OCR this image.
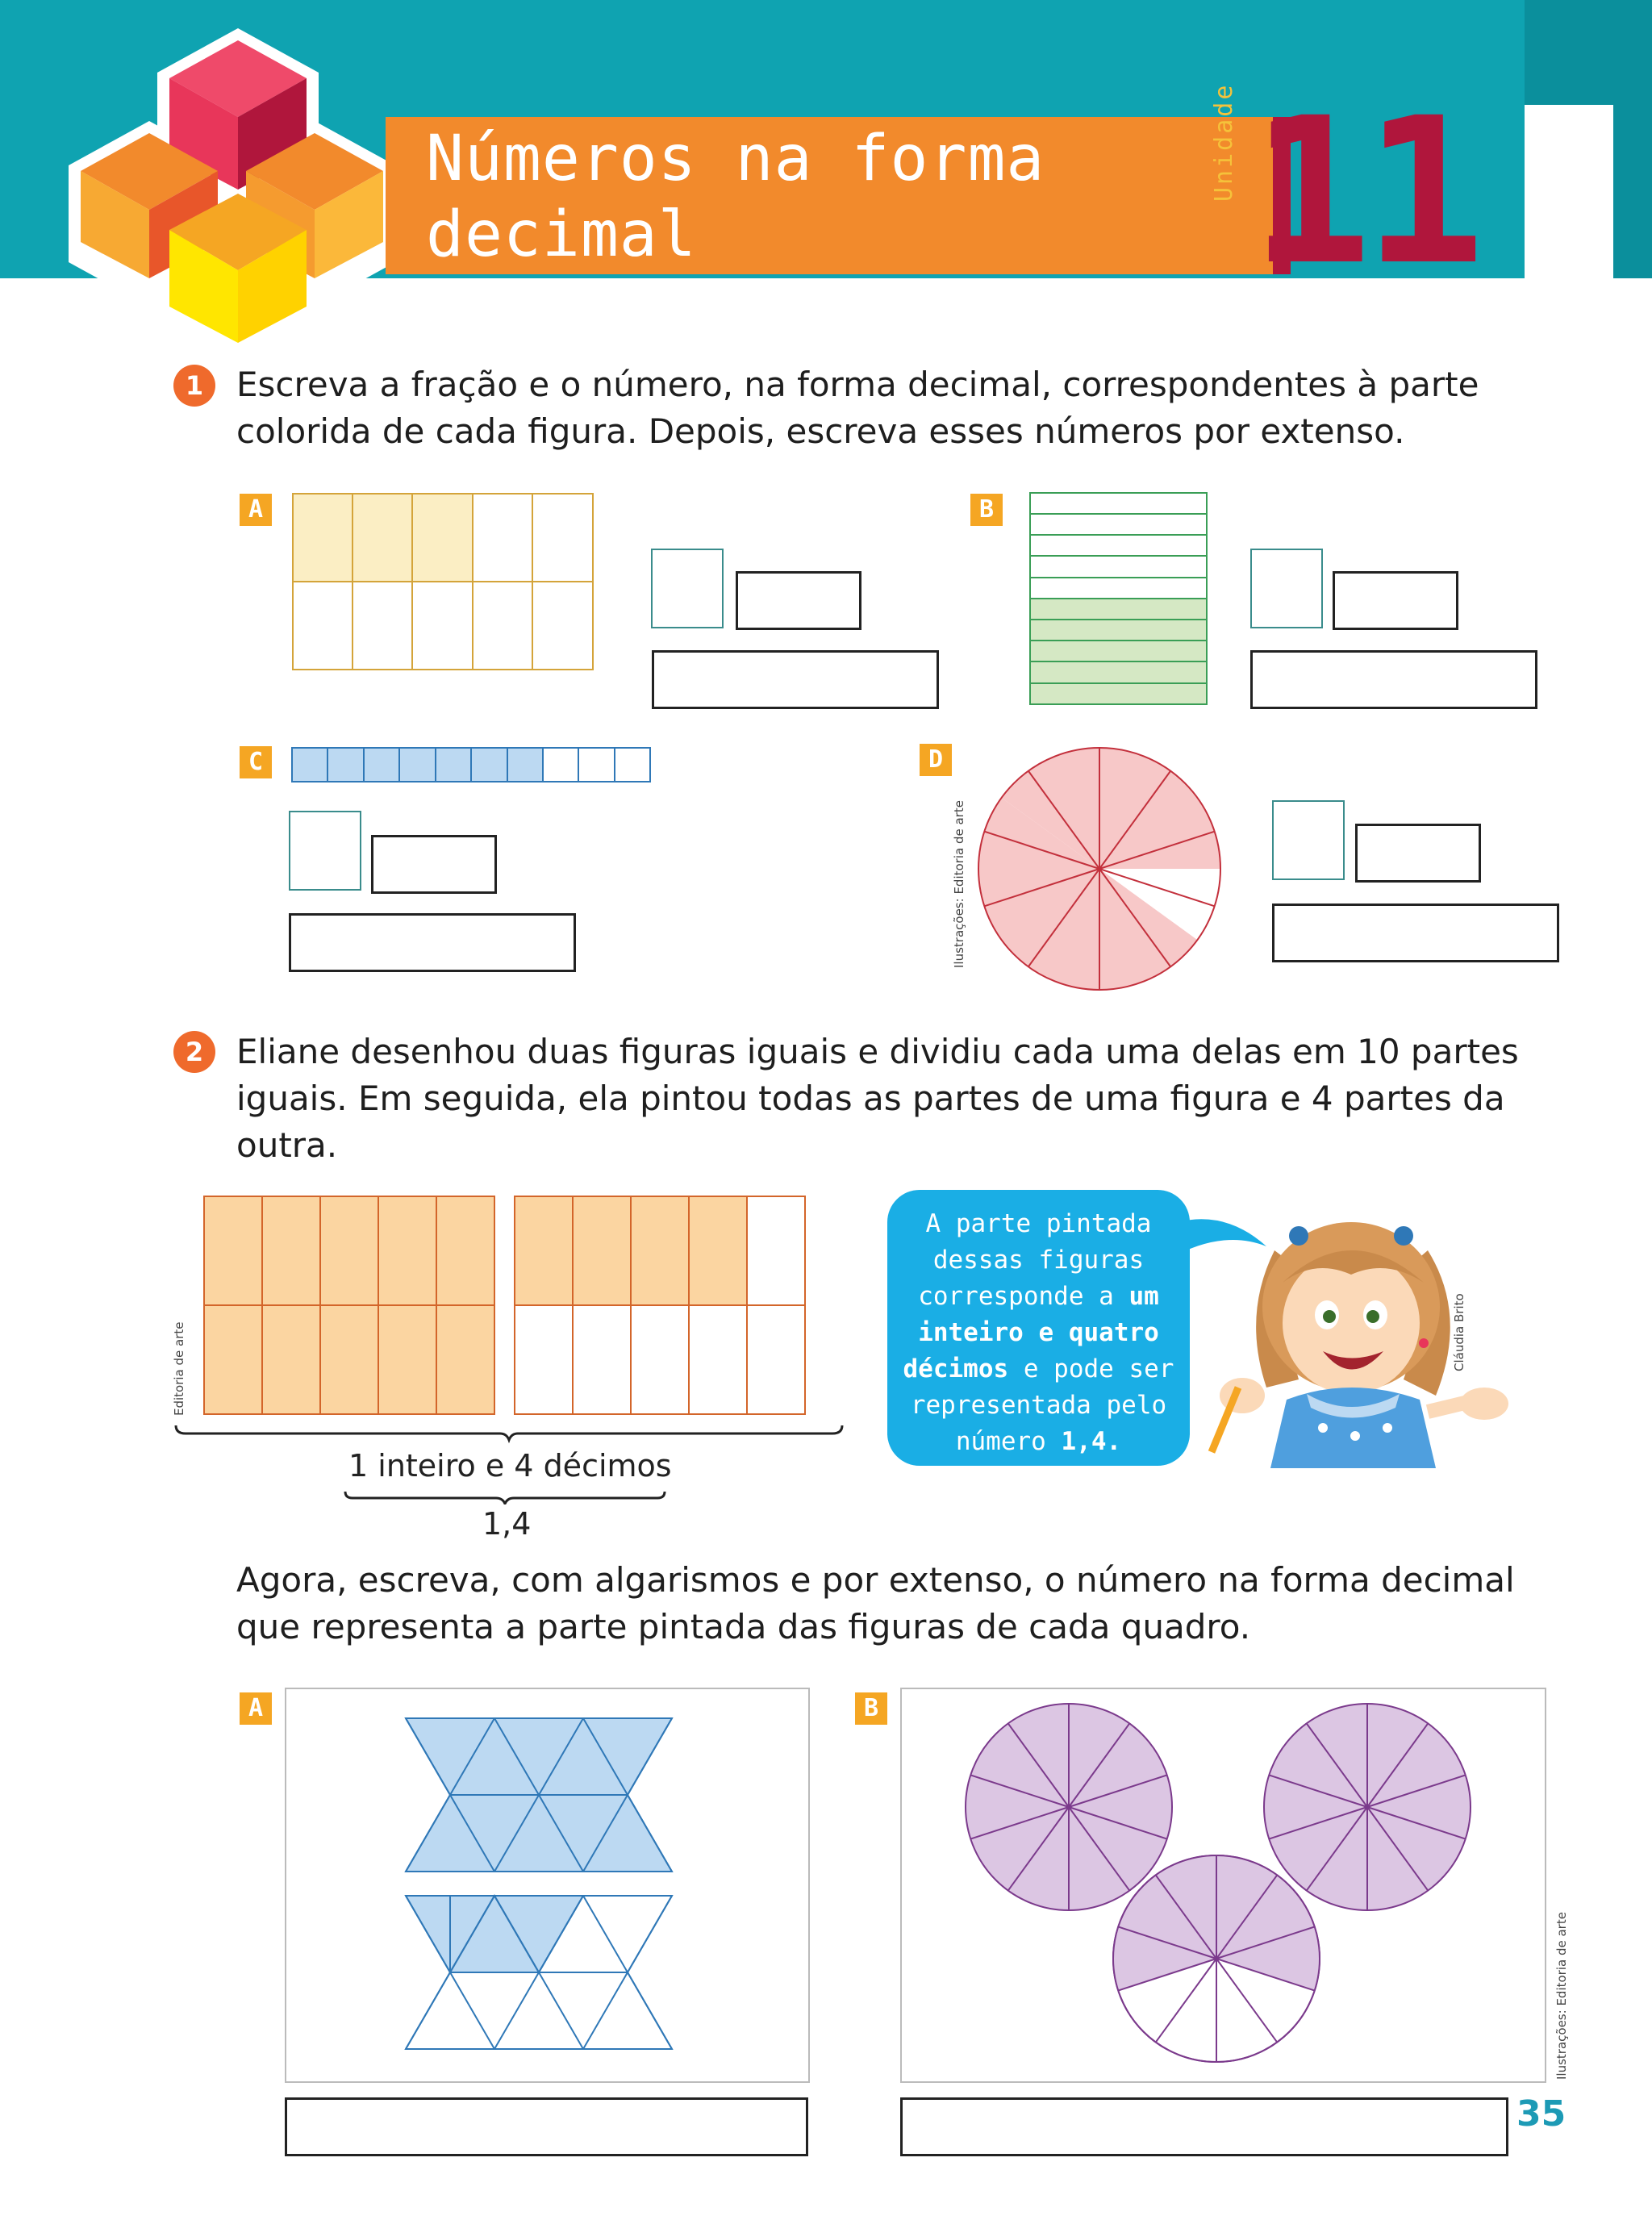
Números na forma
decimal
Unidade 11
1 Escreva a fração e o número, na forma decimal, correspondentes à parte
colorida de cada figura. Depois, escreva esses números por extenso.
A	B
C	D
Ilustrações: Editoria de arte
2 Eliane desenhou duas figuras iguais e dividiu cada uma delas em 10 partes
iguais. Em seguida, ela pintou todas as partes de uma figura e 4 partes da
outra.
Editoria de arte
1 inteiro e 4 décimos
1,4
A parte pintada
dessas figuras
corresponde a um
inteiro e quatro
décimos e pode ser
representada pelo
número 1,4.
Cláudia Brito
Agora, escreva, com algarismos e por extenso, o número na forma decimal
que representa a parte pintada das figuras de cada quadro.
A	B
Ilustrações: Editoria de arte
35
